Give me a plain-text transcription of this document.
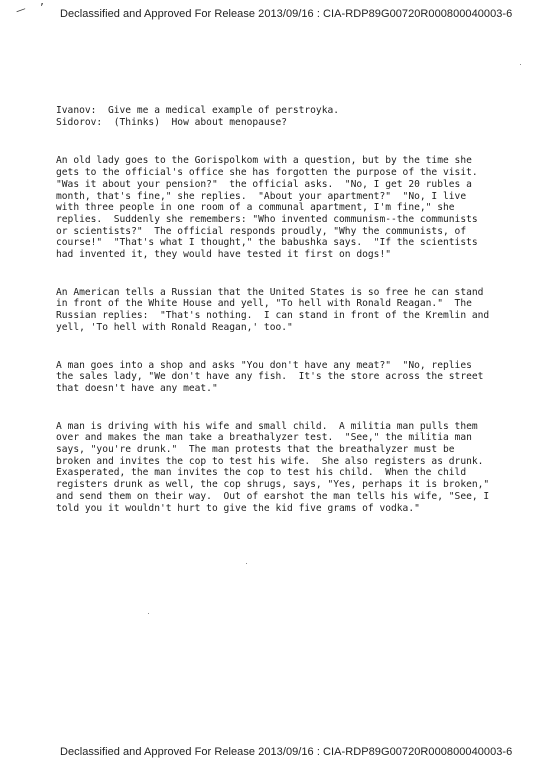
— ’ Declassified and Approved For Release 2013/09/16 : CIA-RDP89G00720R000800040003-6

Ivanov:  Give me a medical example of perstroyka.

Sidorov:  (Thinks)  How about menopause?

An old lady goes to the Gorispolkom with a question, but by the time she

gets to the official's office she has forgotten the purpose of the visit.

"Was it about your pension?"  the official asks.  "No, I get 20 rubles a

month, that's fine," she replies.  "About your apartment?"  "No, I live

with three people in one room of a communal apartment, I'm fine," she

replies.  Suddenly she remembers: "Who invented communism--the communists

or scientists?"  The official responds proudly, "Why the communists, of

course!"  "That's what I thought," the babushka says.  "If the scientists

had invented it, they would have tested it first on dogs!"

An American tells a Russian that the United States is so free he can stand

in front of the White House and yell, "To hell with Ronald Reagan."  The

Russian replies:  "That's nothing.  I can stand in front of the Kremlin and

yell, 'To hell with Ronald Reagan,' too."

A man goes into a shop and asks "You don't have any meat?"  "No, replies

the sales lady, "We don't have any fish.  It's the store across the street

that doesn't have any meat."

A man is driving with his wife and small child.  A militia man pulls them

over and makes the man take a breathalyzer test.  "See," the militia man

says, "you're drunk."  The man protests that the breathalyzer must be

broken and invites the cop to test his wife.  She also registers as drunk.

Exasperated, the man invites the cop to test his child.  When the child

registers drunk as well, the cop shrugs, says, "Yes, perhaps it is broken,"

and send them on their way.  Out of earshot the man tells his wife, "See, I

told you it wouldn't hurt to give the kid five grams of vodka."

Declassified and Approved For Release 2013/09/16 : CIA-RDP89G00720R000800040003-6
